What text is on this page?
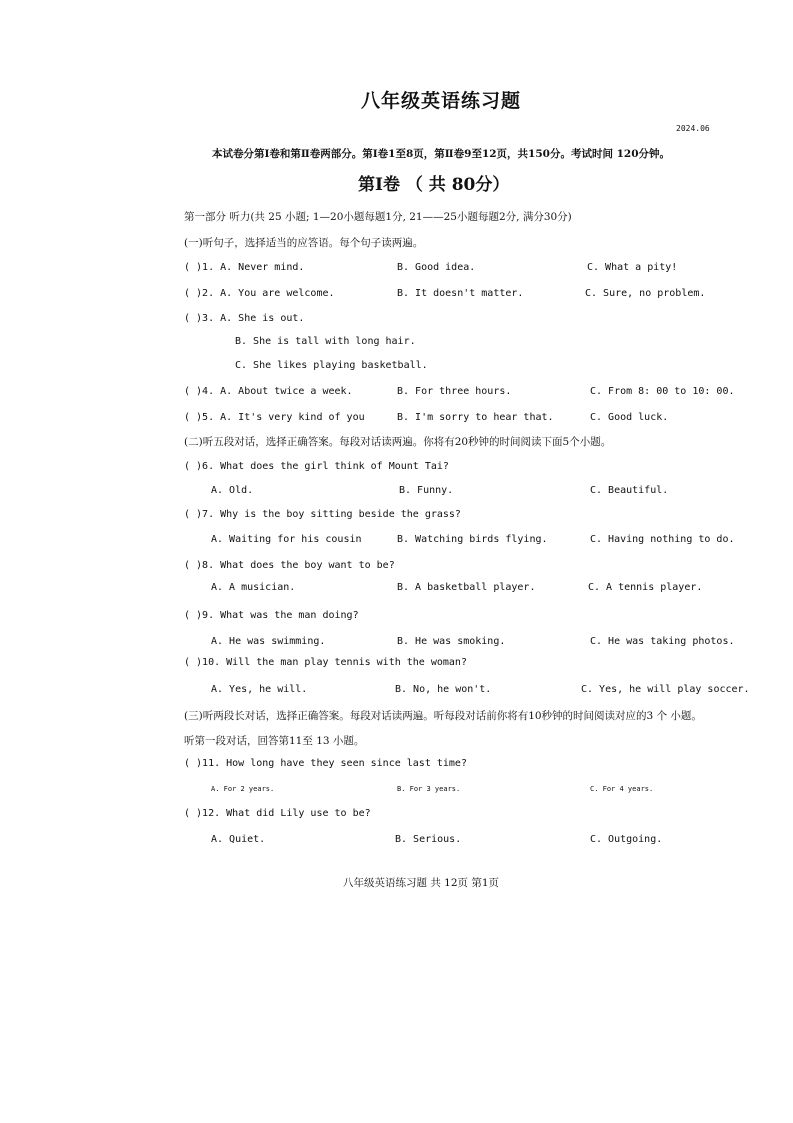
八年级英语练习题
2024.06
本试卷分第Ⅰ卷和第Ⅱ卷两部分。第Ⅰ卷1至8页，第Ⅱ卷9至12页，共150分。考试时间 120分钟。
第Ⅰ卷 （ 共 80分）
第一部分 听力(共 25 小题; 1—20小题每题1分, 21——25小题每题2分, 满分30分)
(一)听句子，选择适当的应答语。每个句子读两遍。
( )1. A. Never mind.	B. Good idea.	C. What a pity!
( )2. A. You are welcome.	B. It doesn't matter.	C. Sure, no problem.
( )3. A. She is out.
B. She is tall with long hair.
C. She likes playing basketball.
( )4. A. About twice a week.	B. For three hours.	C. From 8: 00 to 10: 00.
( )5. A. It's very kind of you	B. I'm sorry to hear that.	C. Good luck.
(二)听五段对话，选择正确答案。每段对话读两遍。你将有20秒钟的时间阅读下面5个小题。
( )6. What does the girl think of Mount Tai?
A. Old.	B. Funny.	C. Beautiful.
( )7. Why is the boy sitting beside the grass?
A. Waiting for his cousin	B. Watching birds flying.	C. Having nothing to do.
( )8. What does the boy want to be?
A. A musician.	B. A basketball player.	C. A tennis player.
( )9. What was the man doing?
A. He was swimming.	B. He was smoking.	C. He was taking photos.
( )10. Will the man play tennis with the woman?
A. Yes, he will.	B. No, he won't.	C. Yes, he will play soccer.
(三)听两段长对话，选择正确答案。每段对话读两遍。听每段对话前你将有10秒钟的时间阅读对应的3 个 小题。
听第一段对话，回答第11至 13 小题。
( )11. How long have they seen since last time?
A. For 2 years.	B. For 3 years.	C. For 4 years.
( )12. What did Lily use to be?
A. Quiet.	B. Serious.	C. Outgoing.
八年级英语练习题 共 12页 第1页
